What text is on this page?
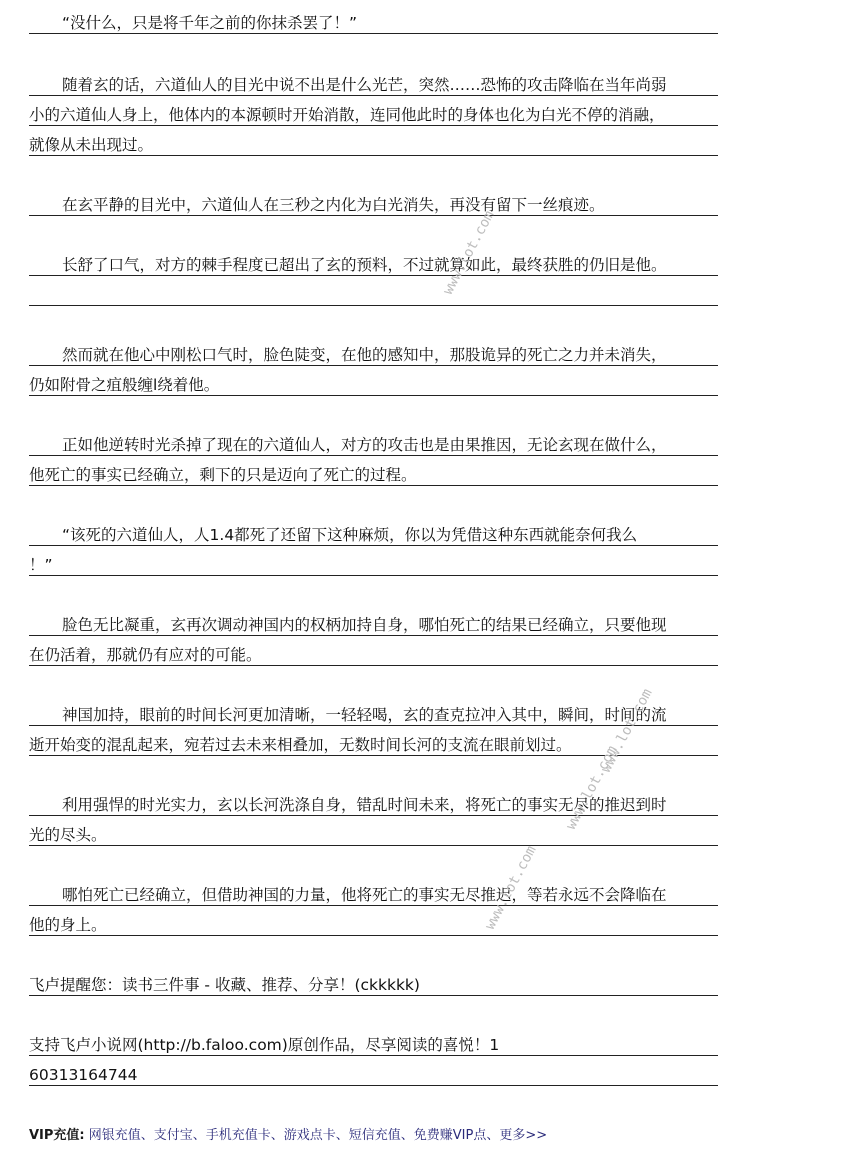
“没什么，只是将千年之前的你抹杀罢了！”
随着玄的话，六道仙人的目光中说不出是什么光芒，突然……恐怖的攻击降临在当年尚弱
小的六道仙人身上，他体内的本源顿时开始消散，连同他此时的身体也化为白光不停的消融，
就像从未出现过。
在玄平静的目光中，六道仙人在三秒之内化为白光消失，再没有留下一丝痕迹。
长舒了口气，对方的棘手程度已超出了玄的预料，不过就算如此，最终获胜的仍旧是他。
然而就在他心中刚松口气时，脸色陡变，在他的感知中，那股诡异的死亡之力并未消失，
仍如附骨之疽般缠l绕着他。
正如他逆转时光杀掉了现在的六道仙人，对方的攻击也是由果推因，无论玄现在做什么，
他死亡的事实已经确立，剩下的只是迈向了死亡的过程。
“该死的六道仙人，人1.4都死了还留下这种麻烦，你以为凭借这种东西就能奈何我么
！”
脸色无比凝重，玄再次调动神国内的权柄加持自身，哪怕死亡的结果已经确立，只要他现
在仍活着，那就仍有应对的可能。
神国加持，眼前的时间长河更加清晰，一轻轻喝，玄的查克拉冲入其中，瞬间，时间的流
逝开始变的混乱起来，宛若过去未来相叠加，无数时间长河的支流在眼前划过。
利用强悍的时光实力，玄以长河洗涤自身，错乱时间未来，将死亡的事实无尽的推迟到时
光的尽头。
哪怕死亡已经确立，但借助神国的力量，他将死亡的事实无尽推迟，等若永远不会降临在
他的身上。
飞卢提醒您：读书三件事 - 收藏、推荐、分享！(ckkkkk)
支持飞卢小说网(http://b.faloo.com)原创作品，尽享阅读的喜悦！1
60313164744
VIP充值: 网银充值、支付宝、手机充值卡、游戏点卡、短信充值、免费赚VIP点、更多>>
www.lot.com
www.lot.com
www.lot.com
www.lot.com
